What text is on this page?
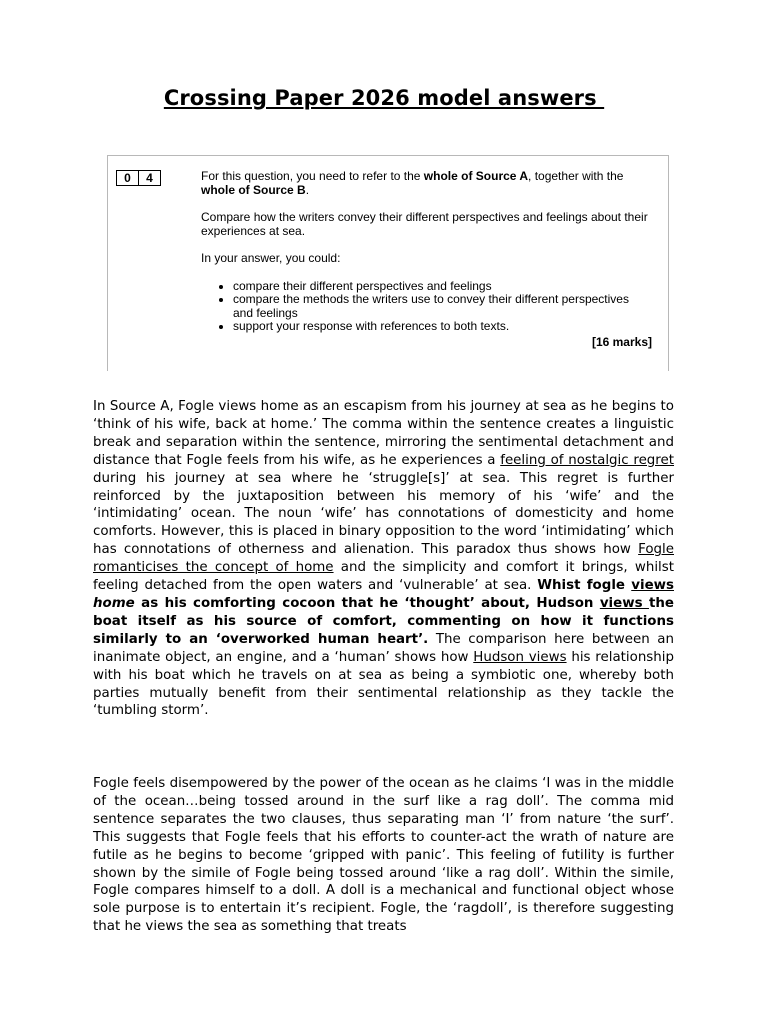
Crossing Paper 2026 model answers
0	4	For this question, you need to refer to the whole of Source A, together with the whole of Source B.

Compare how the writers convey their different perspectives and feelings about their experiences at sea.

In your answer, you could:

• compare their different perspectives and feelings
• compare the methods the writers use to convey their different perspectives and feelings
• support your response with references to both texts.
[16 marks]

In Source A, Fogle views home as an escapism from his journey at sea as he begins to ‘think of his wife, back at home.’ The comma within the sentence creates a linguistic break and separation within the sentence, mirroring the sentimental detachment and distance that Fogle feels from his wife, as he experiences a feeling of nostalgic regret during his journey at sea where he ‘struggle[s]’ at sea. This regret is further reinforced by the juxtaposition between his memory of his ‘wife’ and the ‘intimidating’ ocean. The noun ‘wife’ has connotations of domesticity and home comforts. However, this is placed in binary opposition to the word ‘intimidating’ which has connotations of otherness and alienation. This paradox thus shows how Fogle romanticises the concept of home and the simplicity and comfort it brings, whilst feeling detached from the open waters and ‘vulnerable’ at sea. Whist fogle views home as his comforting cocoon that he ‘thought’ about, Hudson views the boat itself as his source of comfort, commenting on how it functions similarly to an ‘overworked human heart’. The comparison here between an inanimate object, an engine, and a ‘human’ shows how Hudson views his relationship with his boat which he travels on at sea as being a symbiotic one, whereby both parties mutually benefit from their sentimental relationship as they tackle the ‘tumbling storm’.

Fogle feels disempowered by the power of the ocean as he claims ‘I was in the middle of the ocean…being tossed around in the surf like a rag doll’. The comma mid sentence separates the two clauses, thus separating man ‘I’ from nature ‘the surf’. This suggests that Fogle feels that his efforts to counter-act the wrath of nature are futile as he begins to become ‘gripped with panic’. This feeling of futility is further shown by the simile of Fogle being tossed around ‘like a rag doll’. Within the simile, Fogle compares himself to a doll. A doll is a mechanical and functional object whose sole purpose is to entertain it’s recipient. Fogle, the ‘ragdoll’, is therefore suggesting that he views the sea as something that treats
